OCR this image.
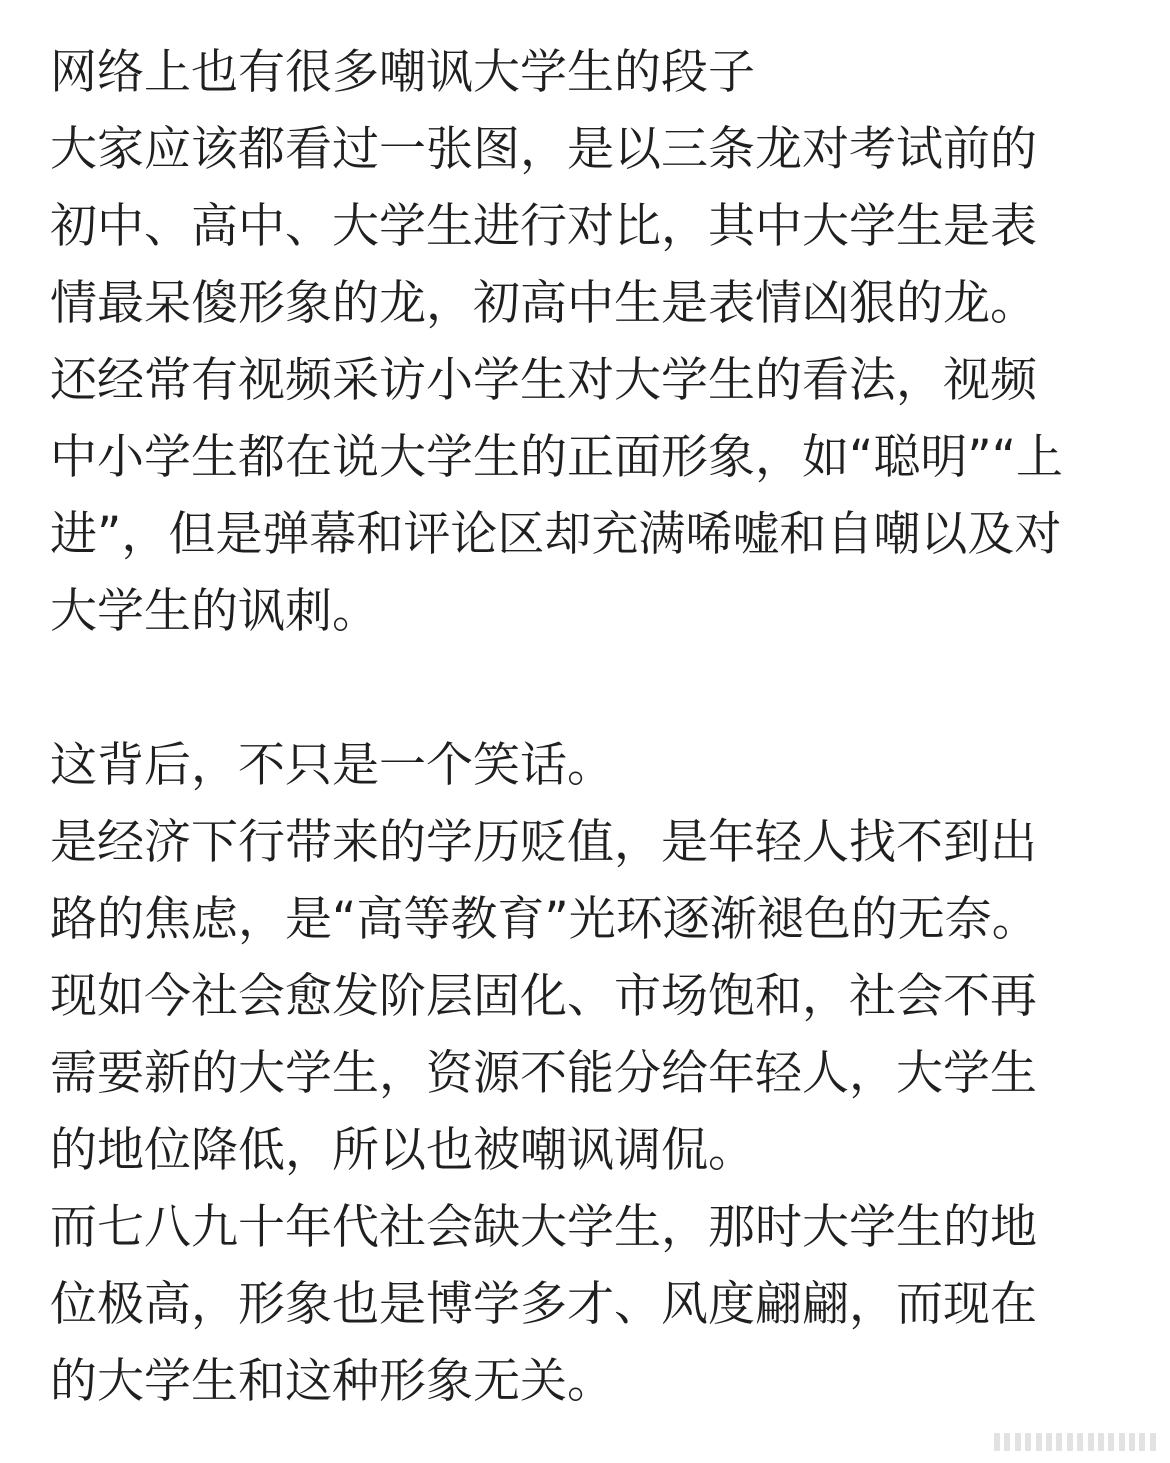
网络上也有很多嘲讽大学生的段子
大家应该都看过一张图，是以三条龙对考试前的
初中、高中、大学生进行对比，其中大学生是表
情最呆傻形象的龙，初高中生是表情凶狠的龙。
还经常有视频采访小学生对大学生的看法，视频
中小学生都在说大学生的正面形象，如“聪明”“上
进”，但是弹幕和评论区却充满唏嘘和自嘲以及对
大学生的讽刺。
这背后，不只是一个笑话。
是经济下行带来的学历贬值，是年轻人找不到出
路的焦虑，是“高等教育”光环逐渐褪色的无奈。
现如今社会愈发阶层固化、市场饱和，社会不再
需要新的大学生，资源不能分给年轻人，大学生
的地位降低，所以也被嘲讽调侃。
而七八九十年代社会缺大学生，那时大学生的地
位极高，形象也是博学多才、风度翩翩，而现在
的大学生和这种形象无关。
